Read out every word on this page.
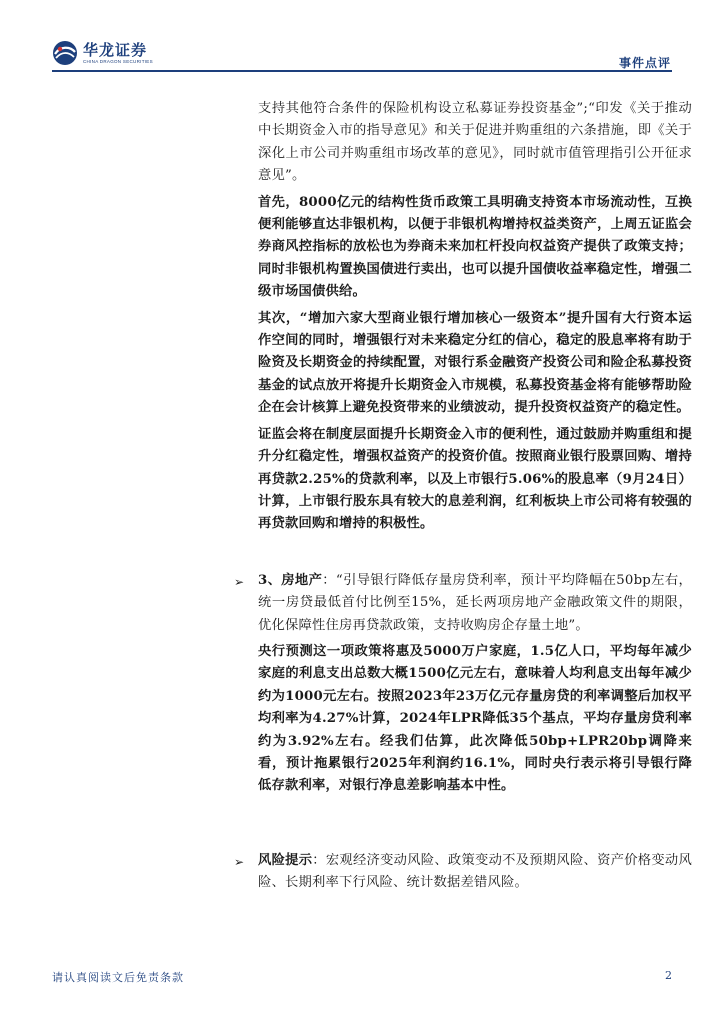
华龙证券
CHINA DRAGON SECURITIES	事件点评

支持其他符合条件的保险机构设立私募证券投资基金”;“印发《关于推动中长期资金入市的指导意见》和关于促进并购重组的六条措施，即《关于深化上市公司并购重组市场改革的意见》，同时就市值管理指引公开征求意见”。

首先，8000亿元的结构性货币政策工具明确支持资本市场流动性，互换便利能够直达非银机构，以便于非银机构增持权益类资产，上周五证监会券商风控指标的放松也为券商未来加杠杆投向权益资产提供了政策支持；同时非银机构置换国债进行卖出，也可以提升国债收益率稳定性，增强二级市场国债供给。

其次，“增加六家大型商业银行增加核心一级资本”提升国有大行资本运作空间的同时，增强银行对未来稳定分红的信心，稳定的股息率将有助于险资及长期资金的持续配置，对银行系金融资产投资公司和险企私募投资基金的试点放开将提升长期资金入市规模，私募投资基金将有能够帮助险企在会计核算上避免投资带来的业绩波动，提升投资权益资产的稳定性。

证监会将在制度层面提升长期资金入市的便利性，通过鼓励并购重组和提升分红稳定性，增强权益资产的投资价值。按照商业银行股票回购、增持再贷款2.25%的贷款利率，以及上市银行5.06%的股息率（9月24日）计算，上市银行股东具有较大的息差利润，红利板块上市公司将有较强的再贷款回购和增持的积极性。

➢ 3、房地产：“引导银行降低存量房贷利率，预计平均降幅在50bp左右，统一房贷最低首付比例至15%，延长两项房地产金融政策文件的期限，优化保障性住房再贷款政策，支持收购房企存量土地”。

央行预测这一项政策将惠及5000万户家庭，1.5亿人口，平均每年减少家庭的利息支出总数大概1500亿元左右，意味着人均利息支出每年减少约为1000元左右。按照2023年23万亿元存量房贷的利率调整后加权平均利率为4.27%计算，2024年LPR降低35个基点，平均存量房贷利率约为3.92%左右。经我们估算，此次降低50bp+LPR20bp调降来看，预计拖累银行2025年利润约16.1%，同时央行表示将引导银行降低存款利率，对银行净息差影响基本中性。

➢ 风险提示：宏观经济变动风险、政策变动不及预期风险、资产价格变动风险、长期利率下行风险、统计数据差错风险。

请认真阅读文后免责条款	2
